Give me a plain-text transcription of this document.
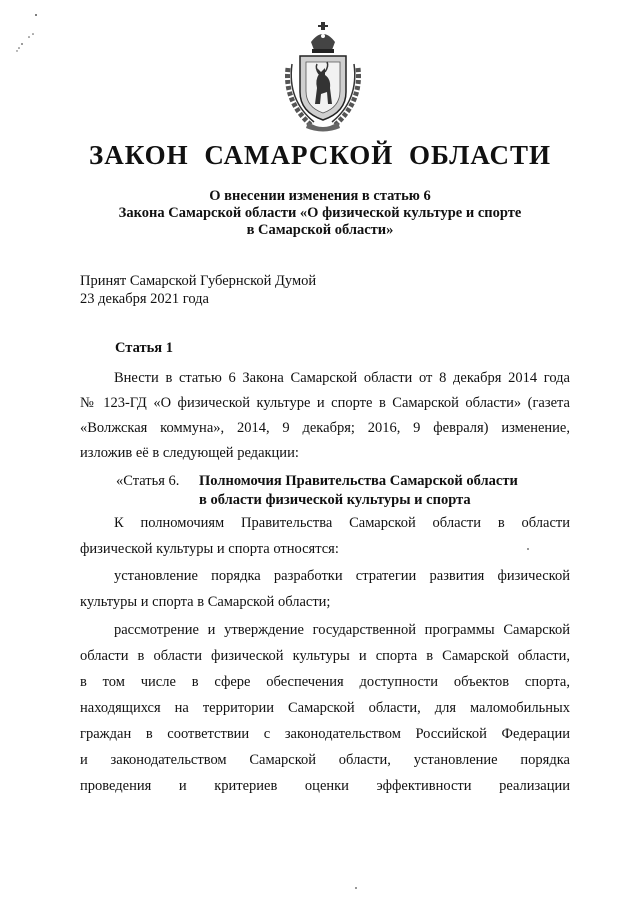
ЗАКОН САМАРСКОЙ ОБЛАСТИ
О внесении изменения в статью 6
Закона Самарской области «О физической культуре и спорте
в Самарской области»
Принят Самарской Губернской Думой
23 декабря 2021 года
Статья 1
Внести в статью 6 Закона Самарской области от 8 декабря 2014 года
№ 123-ГД «О физической культуре и спорте в Самарской области» (газета
«Волжская коммуна», 2014, 9 декабря; 2016, 9 февраля) изменение,
изложив её в следующей редакции:
«Статья 6. Полномочия Правительства Самарской области
в области физической культуры и спорта
К полномочиям Правительства Самарской области в области
физической культуры и спорта относятся:
установление порядка разработки стратегии развития физической
культуры и спорта в Самарской области;
рассмотрение и утверждение государственной программы Самарской
области в области физической культуры и спорта в Самарской области,
в том числе в сфере обеспечения доступности объектов спорта,
находящихся на территории Самарской области, для маломобильных
граждан в соответствии с законодательством Российской Федерации
и законодательством Самарской области, установление порядка
проведения и критериев оценки эффективности реализации
